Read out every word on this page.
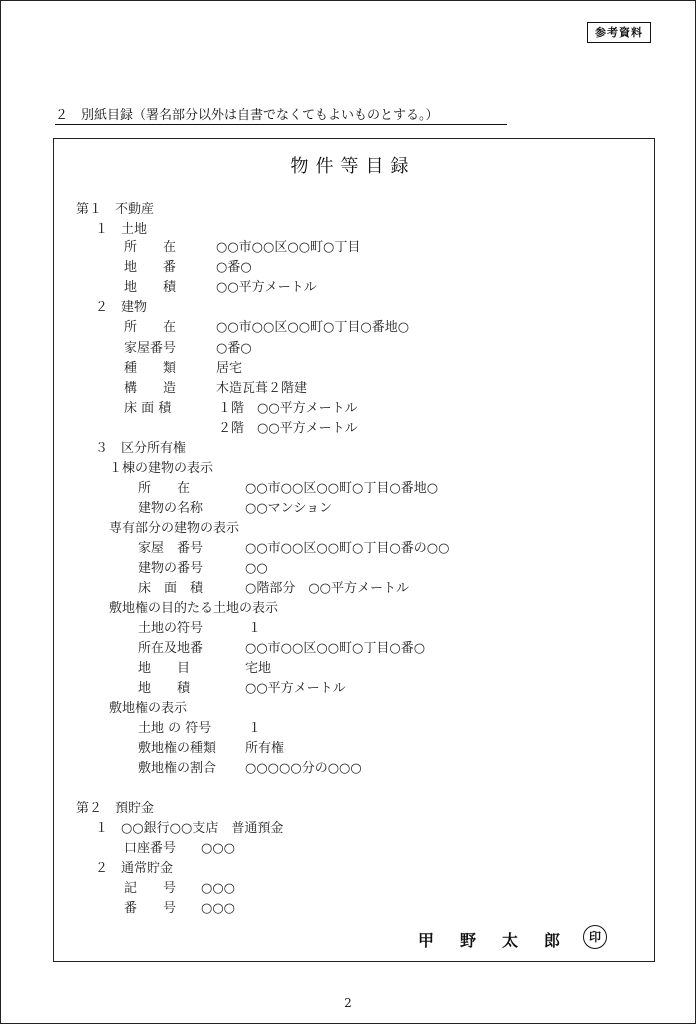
参考資料
２　別紙目録（署名部分以外は自書でなくてもよいものとする。）
物件等目録
第１　不動産
１　土地
所　　在	○○市○○区○○町○丁目
地　　番	○番○
地　　積	○○平方メートル
２　建物
所　　在	○○市○○区○○町○丁目○番地○
家屋番号	○番○
種　　類	居宅
構　　造	木造瓦葺２階建
床 面 積	１階　○○平方メートル
２階　○○平方メートル
３　区分所有権
１棟の建物の表示
所　　在	○○市○○区○○町○丁目○番地○
建物の名称	○○マンション
専有部分の建物の表示
家屋　番号	○○市○○区○○町○丁目○番の○○
建物の番号	○○
床　面　積	○階部分　○○平方メートル
敷地権の目的たる土地の表示
土地の符号	１
所在及地番	○○市○○区○○町○丁目○番○
地　　目	宅地
地　　積	○○平方メートル
敷地権の表示
土地 の 符号	１
敷地権の種類 所有権
敷地権の割合 ○○○○○分の○○○
第２　預貯金
１　○○銀行○○支店　普通預金
口座番号 ○○○
２　通常貯金
記　　号 ○○○
番　　号 ○○○
甲野太郎 印
2
